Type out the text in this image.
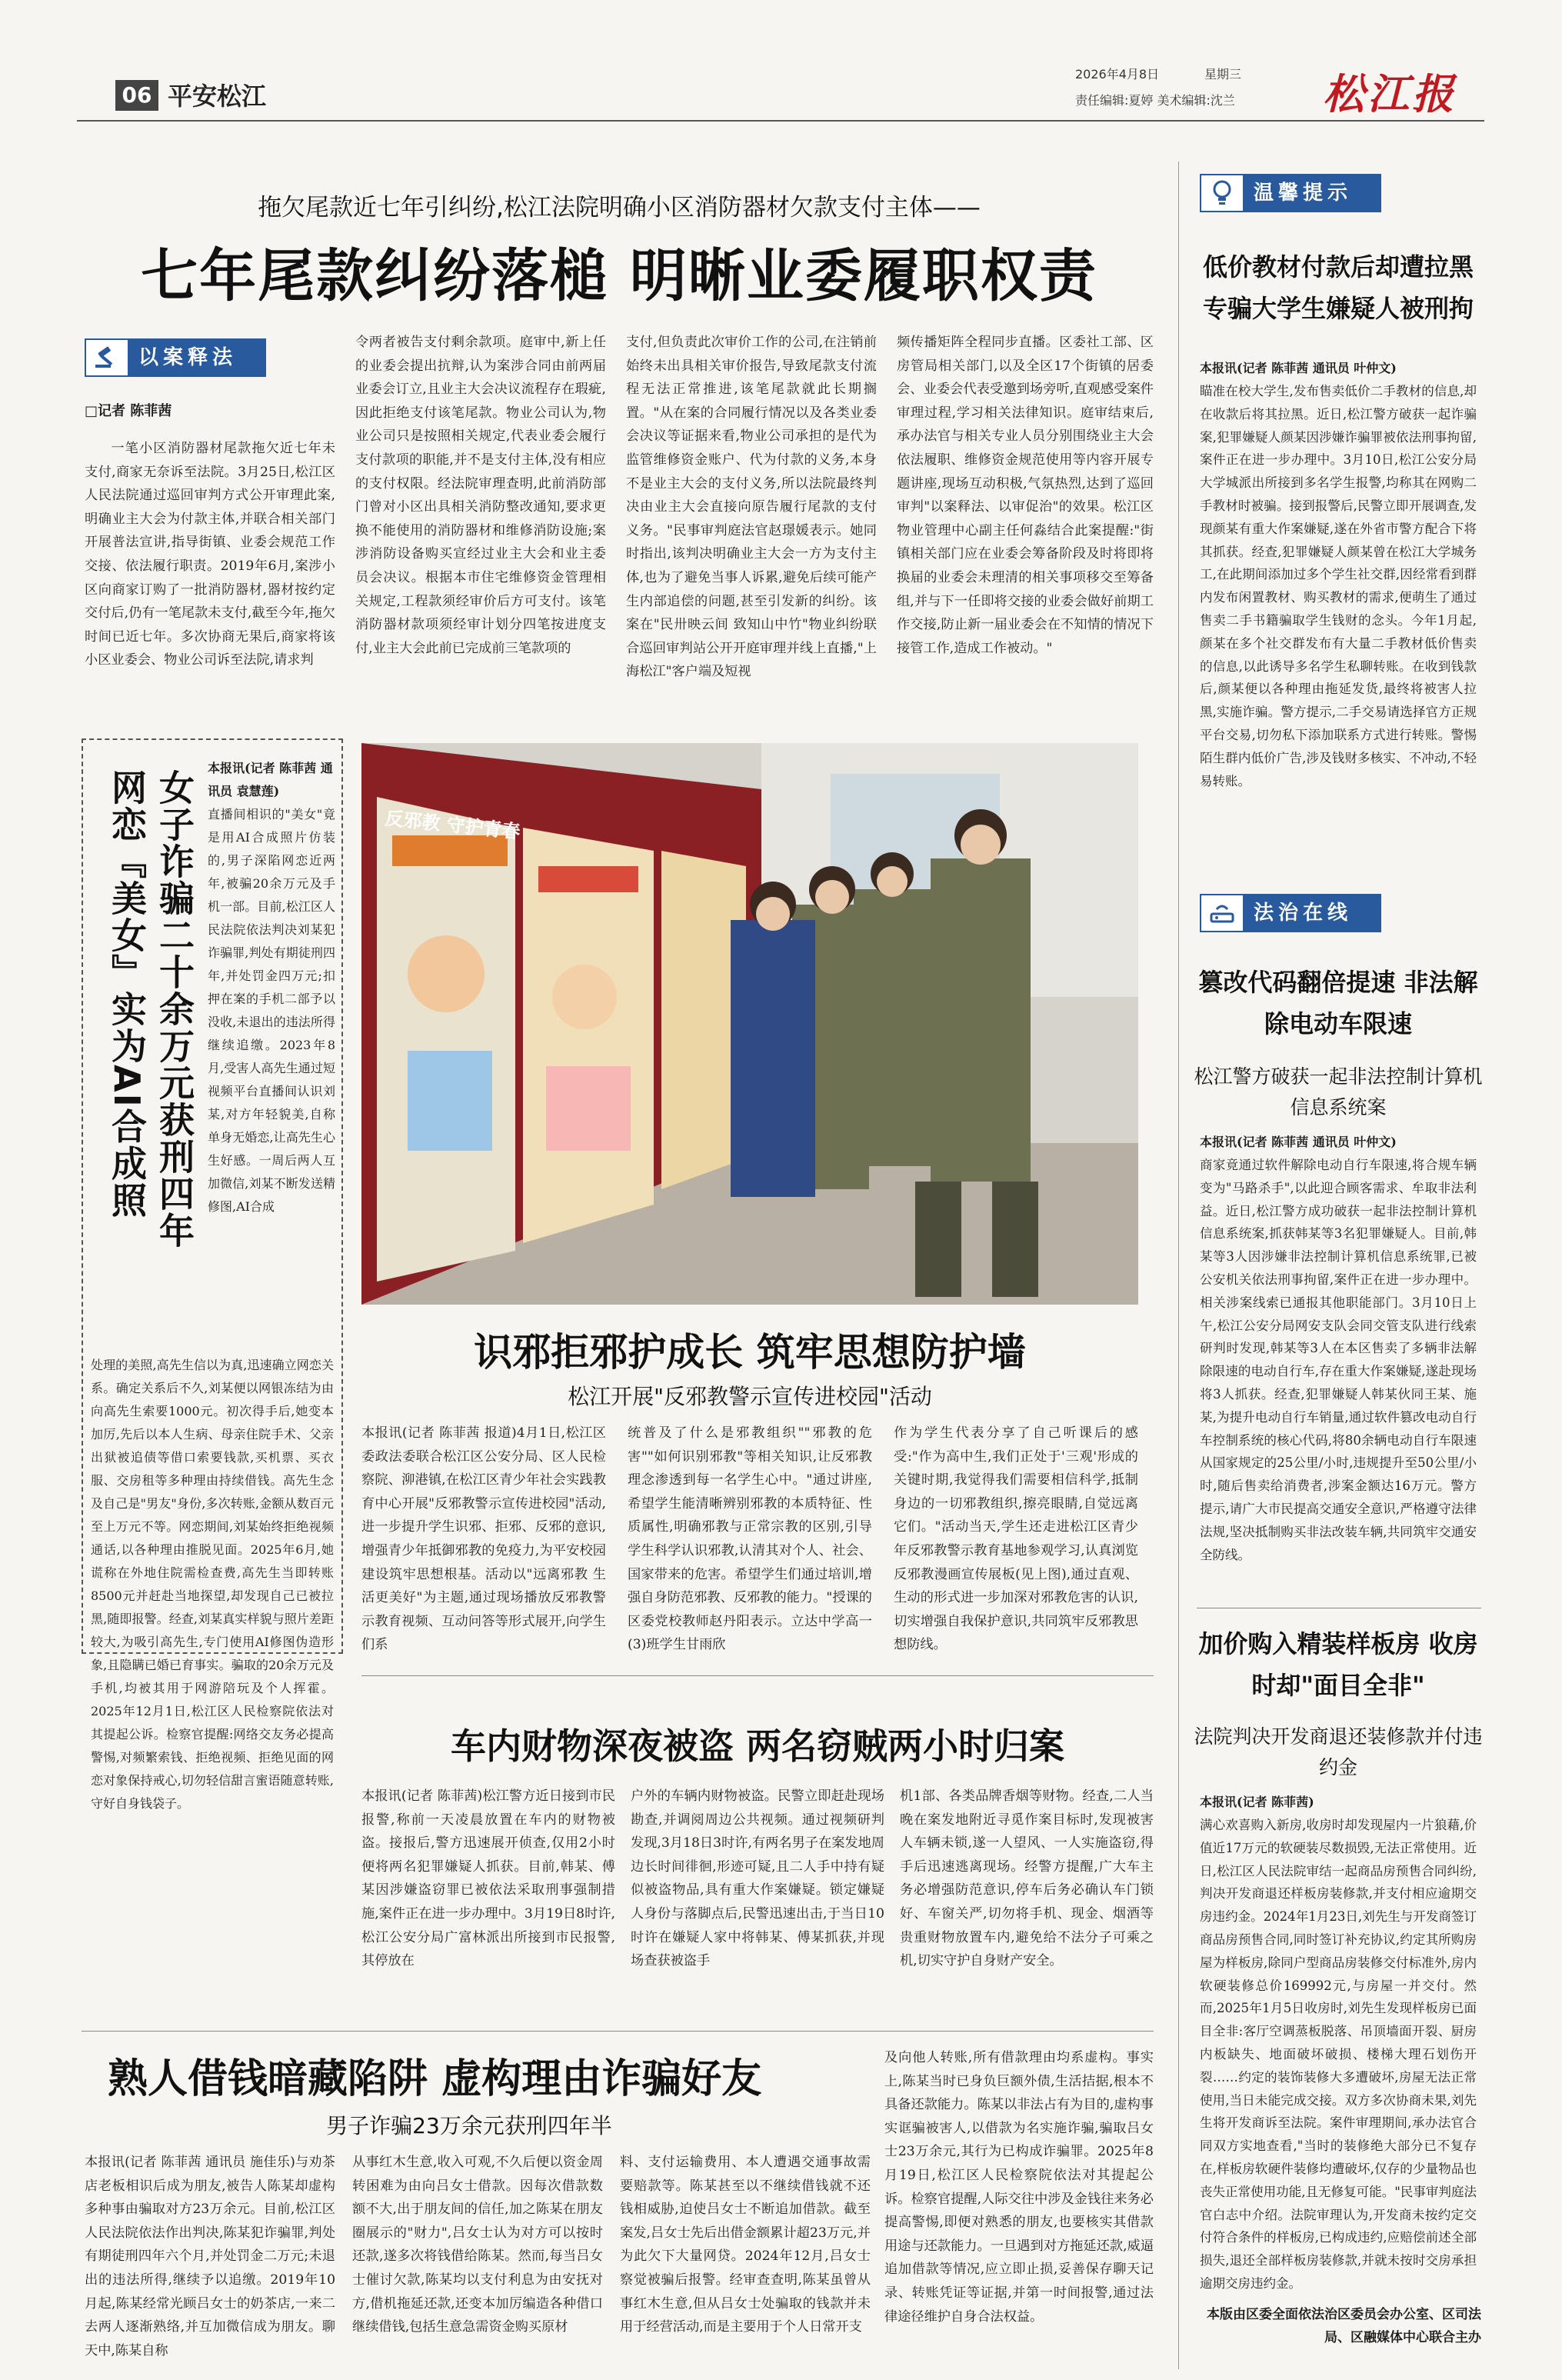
06 平安松江
2026年4月8日	星期三
责任编辑:夏婷 美术编辑:沈兰	松江报
拖欠尾款近七年引纠纷,松江法院明确小区消防器材欠款支付主体——
七年尾款纠纷落槌 明晰业委履职权责
以案释法
□记者 陈菲茜
一笔小区消防器材尾款拖欠近七年未支付,商家无奈诉至法院。3月25日,松江区人民法院通过巡回审判方式公开审理此案,明确业主大会为付款主体,并联合相关部门开展普法宣讲,指导街镇、业委会规范工作交接、依法履行职责。2019年6月,案涉小区向商家订购了一批消防器材,器材按约定交付后,仍有一笔尾款未支付,截至今年,拖欠时间已近七年。多次协商无果后,商家将该小区业委会、物业公司诉至法院,请求判
令两者被告支付剩余款项。庭审中,新上任的业委会提出抗辩,认为案涉合同由前两届业委会订立,且业主大会决议流程存在瑕疵,因此拒绝支付该笔尾款。物业公司认为,物业公司只是按照相关规定,代表业委会履行支付款项的职能,并不是支付主体,没有相应的支付权限。经法院审理查明,此前消防部门曾对小区出具相关消防整改通知,要求更换不能使用的消防器材和维修消防设施;案涉消防设备购买宣经过业主大会和业主委员会决议。根据本市住宅维修资金管理相关规定,工程款须经审价后方可支付。该笔消防器材款项须经审计划分四笔按进度支付,业主大会此前已完成前三笔款项的
支付,但负责此次审价工作的公司,在注销前始终未出具相关审价报告,导致尾款支付流程无法正常推进,该笔尾款就此长期搁置。"从在案的合同履行情况以及各类业委会决议等证据来看,物业公司承担的是代为监管维修资金账户、代为付款的义务,本身不是业主大会的支付义务,所以法院最终判决由业主大会直接向原告履行尾款的支付义务。"民事审判庭法官赵璟媛表示。她同时指出,该判决明确业主大会一方为支付主体,也为了避免当事人诉累,避免后续可能产生内部追偿的问题,甚至引发新的纠纷。该案在"民卅映云间 致知山中竹"物业纠纷联合巡回审判站公开开庭审理并线上直播,"上海松江"客户端及短视
频传播矩阵全程同步直播。区委社工部、区房管局相关部门,以及全区17个街镇的居委会、业委会代表受邀到场旁听,直观感受案件审理过程,学习相关法律知识。庭审结束后,承办法官与相关专业人员分别围绕业主大会依法履职、维修资金规范使用等内容开展专题讲座,现场互动积极,气氛热烈,达到了巡回审判"以案释法、以审促治"的效果。松江区物业管理中心副主任何淼结合此案提醒:"街镇相关部门应在业委会筹备阶段及时将即将换届的业委会未理清的相关事项移交至筹备组,并与下一任即将交接的业委会做好前期工作交接,防止新一届业委会在不知情的情况下接管工作,造成工作被动。"
女子诈骗二十余万元获刑四年 网恋『美女』实为AI合成照
本报讯(记者 陈菲茜 通讯员 袁慧莲)
直播间相识的"美女"竟是用AI合成照片仿装的,男子深陷网恋近两年,被骗20余万元及手机一部。目前,松江区人民法院依法判决刘某犯诈骗罪,判处有期徒刑四年,并处罚金四万元;扣押在案的手机二部予以没收,未退出的违法所得继续追缴。2023年8月,受害人高先生通过短视频平台直播间认识刘某,对方年轻貌美,自称单身无婚恋,让高先生心生好感。一周后两人互加微信,刘某不断发送精修图,AI合成
处理的美照,高先生信以为真,迅速确立网恋关系。确定关系后不久,刘某便以网银冻结为由向高先生索要1000元。初次得手后,她变本加厉,先后以本人生病、母亲住院手术、父亲出狱被追债等借口索要钱款,买机票、买衣服、交房租等多种理由持续借钱。高先生念及自己是"男友"身份,多次转账,金额从数百元至上万元不等。网恋期间,刘某始终拒绝视频通话,以各种理由推脱见面。2025年6月,她谎称在外地住院需检查费,高先生当即转账8500元并赶赴当地探望,却发现自己已被拉黑,随即报警。经查,刘某真实样貌与照片差距较大,为吸引高先生,专门使用AI修图伪造形象,且隐瞒已婚已育事实。骗取的20余万元及手机,均被其用于网游陪玩及个人挥霍。2025年12月1日,松江区人民检察院依法对其提起公诉。检察官提醒:网络交友务必提高警惕,对频繁索钱、拒绝视频、拒绝见面的网恋对象保持戒心,切勿轻信甜言蜜语随意转账,守好自身钱袋子。
反邪教 守护青春
识邪拒邪护成长 筑牢思想防护墙
松江开展"反邪教警示宣传进校园"活动
本报讯(记者 陈菲茜 报道)4月1日,松江区委政法委联合松江区公安分局、区人民检察院、泖港镇,在松江区青少年社会实践教育中心开展"反邪教警示宣传进校园"活动,进一步提升学生识邪、拒邪、反邪的意识,增强青少年抵御邪教的免疫力,为平安校园建设筑牢思想根基。活动以"远离邪教 生活更美好"为主题,通过现场播放反邪教警示教育视频、互动问答等形式展开,向学生们系
统普及了什么是邪教组织""邪教的危害""如何识别邪教"等相关知识,让反邪教理念渗透到每一名学生心中。"通过讲座,希望学生能清晰辨别邪教的本质特征、性质属性,明确邪教与正常宗教的区别,引导学生科学认识邪教,认清其对个人、社会、国家带来的危害。希望学生们通过培训,增强自身防范邪教、反邪教的能力。"授课的区委党校教师赵丹阳表示。立达中学高一(3)班学生甘雨欣
作为学生代表分享了自己听课后的感受:"作为高中生,我们正处于'三观'形成的关键时期,我觉得我们需要相信科学,抵制身边的一切邪教组织,擦亮眼睛,自觉远离它们。"活动当天,学生还走进松江区青少年反邪教警示教育基地参观学习,认真浏览反邪教漫画宣传展板(见上图),通过直观、生动的形式进一步加深对邪教危害的认识,切实增强自我保护意识,共同筑牢反邪教思想防线。
车内财物深夜被盗 两名窃贼两小时归案
本报讯(记者 陈菲茜)松江警方近日接到市民报警,称前一天凌晨放置在车内的财物被盗。接报后,警方迅速展开侦查,仅用2小时便将两名犯罪嫌疑人抓获。目前,韩某、傅某因涉嫌盗窃罪已被依法采取刑事强制措施,案件正在进一步办理中。3月19日8时许,松江公安分局广富林派出所接到市民报警,其停放在
户外的车辆内财物被盗。民警立即赶赴现场勘查,并调阅周边公共视频。通过视频研判发现,3月18日3时许,有两名男子在案发地周边长时间徘徊,形迹可疑,且二人手中持有疑似被盗物品,具有重大作案嫌疑。锁定嫌疑人身份与落脚点后,民警迅速出击,于当日10时许在嫌疑人家中将韩某、傅某抓获,并现场查获被盗手
机1部、各类品牌香烟等财物。经查,二人当晚在案发地附近寻觅作案目标时,发现被害人车辆未锁,遂一人望风、一人实施盗窃,得手后迅速逃离现场。经警方提醒,广大车主务必增强防范意识,停车后务必确认车门锁好、车窗关严,切勿将手机、现金、烟酒等贵重财物放置车内,避免给不法分子可乘之机,切实守护自身财产安全。
熟人借钱暗藏陷阱 虚构理由诈骗好友
男子诈骗23万余元获刑四年半
本报讯(记者 陈菲茜 通讯员 施佳乐)与劝茶店老板相识后成为朋友,被告人陈某却虚构多种事由骗取对方23万余元。目前,松江区人民法院依法作出判决,陈某犯诈骗罪,判处有期徒刑四年六个月,并处罚金二万元;未退出的违法所得,继续予以追缴。2019年10月起,陈某经常光顾吕女士的奶茶店,一来二去两人逐渐熟络,并互加微信成为朋友。聊天中,陈某自称
从事红木生意,收入可观,不久后便以资金周转困难为由向吕女士借款。因每次借款数额不大,出于朋友间的信任,加之陈某在朋友圈展示的"财力",吕女士认为对方可以按时还款,遂多次将钱借给陈某。然而,每当吕女士催讨欠款,陈某均以支付利息为由安抚对方,借机拖延还款,还变本加厉编造各种借口继续借钱,包括生意急需资金购买原材
料、支付运输费用、本人遭遇交通事故需要赔款等。陈某甚至以不继续借钱就不还钱相威胁,迫使吕女士不断追加借款。截至案发,吕女士先后出借金额累计超23万元,并为此欠下大量网贷。2024年12月,吕女士察觉被骗后报警。经审查查明,陈某虽曾从事红木生意,但从吕女士处骗取的钱款并未用于经营活动,而是主要用于个人日常开支
及向他人转账,所有借款理由均系虚构。事实上,陈某当时已身负巨额外债,生活拮据,根本不具备还款能力。陈某以非法占有为目的,虚构事实诓骗被害人,以借款为名实施诈骗,骗取吕女士23万余元,其行为已构成诈骗罪。2025年8月19日,松江区人民检察院依法对其提起公诉。检察官提醒,人际交往中涉及金钱往来务必提高警惕,即便对熟悉的朋友,也要核实其借款用途与还款能力。一旦遇到对方拖延还款,威逼追加借款等情况,应立即止损,妥善保存聊天记录、转账凭证等证据,并第一时间报警,通过法律途径维护自身合法权益。
温馨提示
低价教材付款后却遭拉黑 专骗大学生嫌疑人被刑拘
本报讯(记者 陈菲茜 通讯员 叶仲文)
瞄准在校大学生,发布售卖低价二手教材的信息,却在收款后将其拉黑。近日,松江警方破获一起诈骗案,犯罪嫌疑人颜某因涉嫌诈骗罪被依法刑事拘留,案件正在进一步办理中。3月10日,松江公安分局大学城派出所接到多名学生报警,均称其在网购二手教材时被骗。接到报警后,民警立即开展调查,发现颜某有重大作案嫌疑,遂在外省市警方配合下将其抓获。经查,犯罪嫌疑人颜某曾在松江大学城务工,在此期间添加过多个学生社交群,因经常看到群内发布闲置教材、购买教材的需求,便萌生了通过售卖二手书籍骗取学生钱财的念头。今年1月起,颜某在多个社交群发布有大量二手教材低价售卖的信息,以此诱导多名学生私聊转账。在收到钱款后,颜某便以各种理由拖延发货,最终将被害人拉黑,实施诈骗。警方提示,二手交易请选择官方正规平台交易,切勿私下添加联系方式进行转账。警惕陌生群内低价广告,涉及钱财多核实、不冲动,不轻易转账。
法治在线
篡改代码翻倍提速 非法解除电动车限速
松江警方破获一起非法控制计算机信息系统案
本报讯(记者 陈菲茜 通讯员 叶仲文)
商家竟通过软件解除电动自行车限速,将合规车辆变为"马路杀手",以此迎合顾客需求、牟取非法利益。近日,松江警方成功破获一起非法控制计算机信息系统案,抓获韩某等3名犯罪嫌疑人。目前,韩某等3人因涉嫌非法控制计算机信息系统罪,已被公安机关依法刑事拘留,案件正在进一步办理中。相关涉案线索已通报其他职能部门。3月10日上午,松江公安分局网安支队会同交管支队进行线索研判时发现,韩某等3人在本区售卖了多辆非法解除限速的电动自行车,存在重大作案嫌疑,遂赴现场将3人抓获。经查,犯罪嫌疑人韩某伙同王某、施某,为提升电动自行车销量,通过软件篡改电动自行车控制系统的核心代码,将80余辆电动自行车限速从国家规定的25公里/小时,违规提升至50公里/小时,随后售卖给消费者,涉案金额达16万元。警方提示,请广大市民提高交通安全意识,严格遵守法律法规,坚决抵制购买非法改装车辆,共同筑牢交通安全防线。
加价购入精装样板房 收房时却"面目全非"
法院判决开发商退还装修款并付违约金
本报讯(记者 陈菲茜)
满心欢喜购入新房,收房时却发现屋内一片狼藉,价值近17万元的软硬装尽数损毁,无法正常使用。近日,松江区人民法院审结一起商品房预售合同纠纷,判决开发商退还样板房装修款,并支付相应逾期交房违约金。2024年1月23日,刘先生与开发商签订商品房预售合同,同时签订补充协议,约定其所购房屋为样板房,除同户型商品房装修交付标准外,房内软硬装修总价169992元,与房屋一并交付。然而,2025年1月5日收房时,刘先生发现样板房已面目全非:客厅空调蒸板脱落、吊顶墙面开裂、厨房内板缺失、地面破坏破损、楼梯大理石划伤开裂……约定的装饰装修大多遭破坏,房屋无法正常使用,当日未能完成交接。双方多次协商未果,刘先生将开发商诉至法院。案件审理期间,承办法官合同双方实地查看,"当时的装修绝大部分已不复存在,样板房软硬件装修均遭破坏,仅存的少量物品也丧失正常使用功能,且无修复可能。"民事审判庭法官白志中介绍。法院审理认为,开发商未按约定交付符合条件的样板房,已构成违约,应赔偿前述全部损失,退还全部样板房装修款,并就未按时交房承担逾期交房违约金。
本版由区委全面依法治区委员会办公室、区司法局、区融媒体中心联合主办
